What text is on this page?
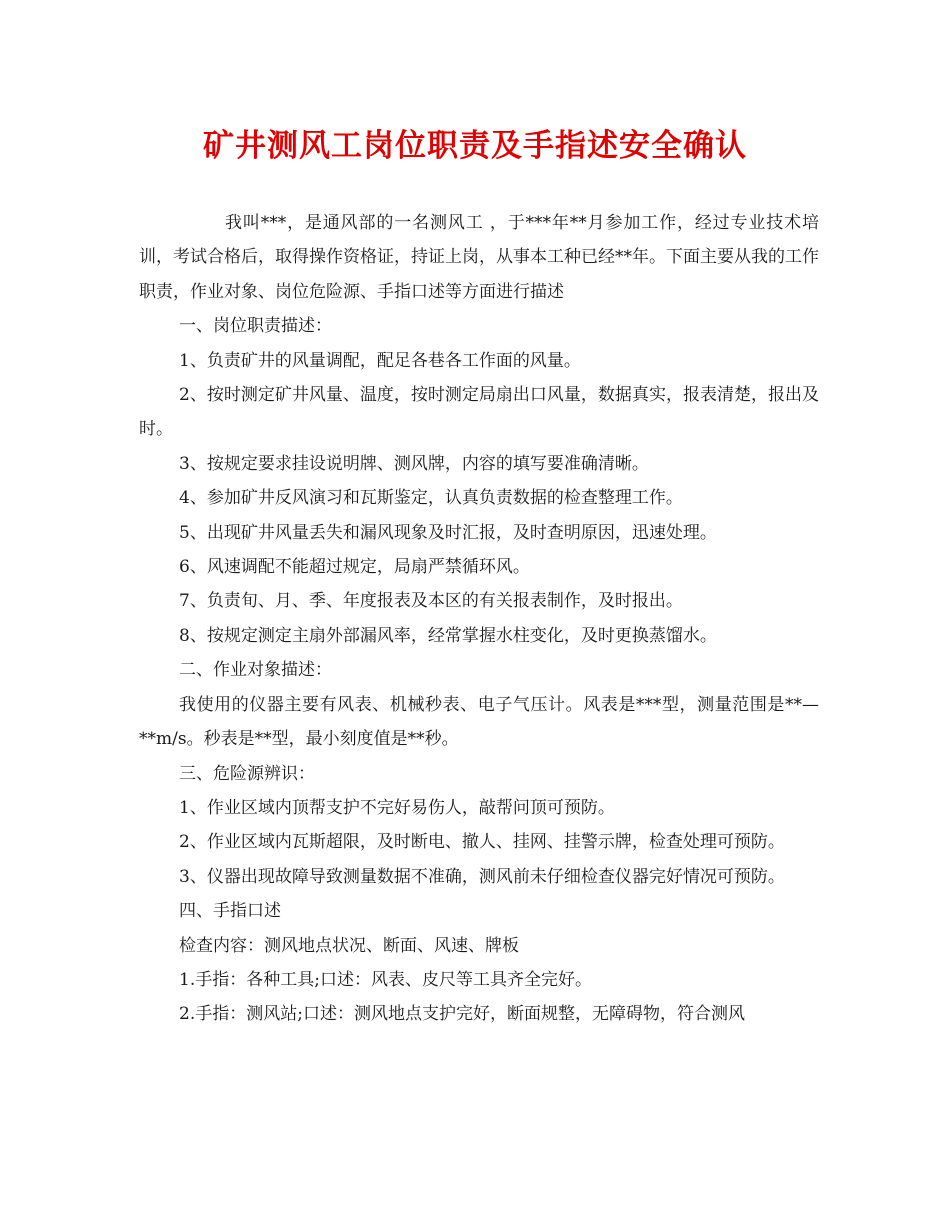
矿井测风工岗位职责及手指述安全确认

我叫***，是通风部的一名测风工 ，于***年**月参加工作，经过专业技术培训，考试合格后，取得操作资格证，持证上岗，从事本工种已经**年。下面主要从我的工作职责，作业对象、岗位危险源、手指口述等方面进行描述

一、岗位职责描述：

1、负责矿井的风量调配，配足各巷各工作面的风量。

2、按时测定矿井风量、温度，按时测定局扇出口风量，数据真实，报表清楚，报出及时。

3、按规定要求挂设说明牌、测风牌，内容的填写要准确清晰。

4、参加矿井反风演习和瓦斯鉴定，认真负责数据的检查整理工作。

5、出现矿井风量丢失和漏风现象及时汇报，及时查明原因，迅速处理。

6、风速调配不能超过规定，局扇严禁循环风。

7、负责旬、月、季、年度报表及本区的有关报表制作，及时报出。

8、按规定测定主扇外部漏风率，经常掌握水柱变化，及时更换蒸馏水。

二、作业对象描述：

我使用的仪器主要有风表、机械秒表、电子气压计。风表是***型，测量范围是**—**m/s。秒表是**型，最小刻度值是**秒。

三、危险源辨识：

1、作业区域内顶帮支护不完好易伤人，敲帮问顶可预防。

2、作业区域内瓦斯超限，及时断电、撤人、挂网、挂警示牌，检查处理可预防。

3、仪器出现故障导致测量数据不准确，测风前未仔细检查仪器完好情况可预防。

四、手指口述

检查内容：测风地点状况、断面、风速、牌板

1.手指：各种工具;口述：风表、皮尺等工具齐全完好。

2.手指：测风站;口述：测风地点支护完好，断面规整，无障碍物，符合测风
